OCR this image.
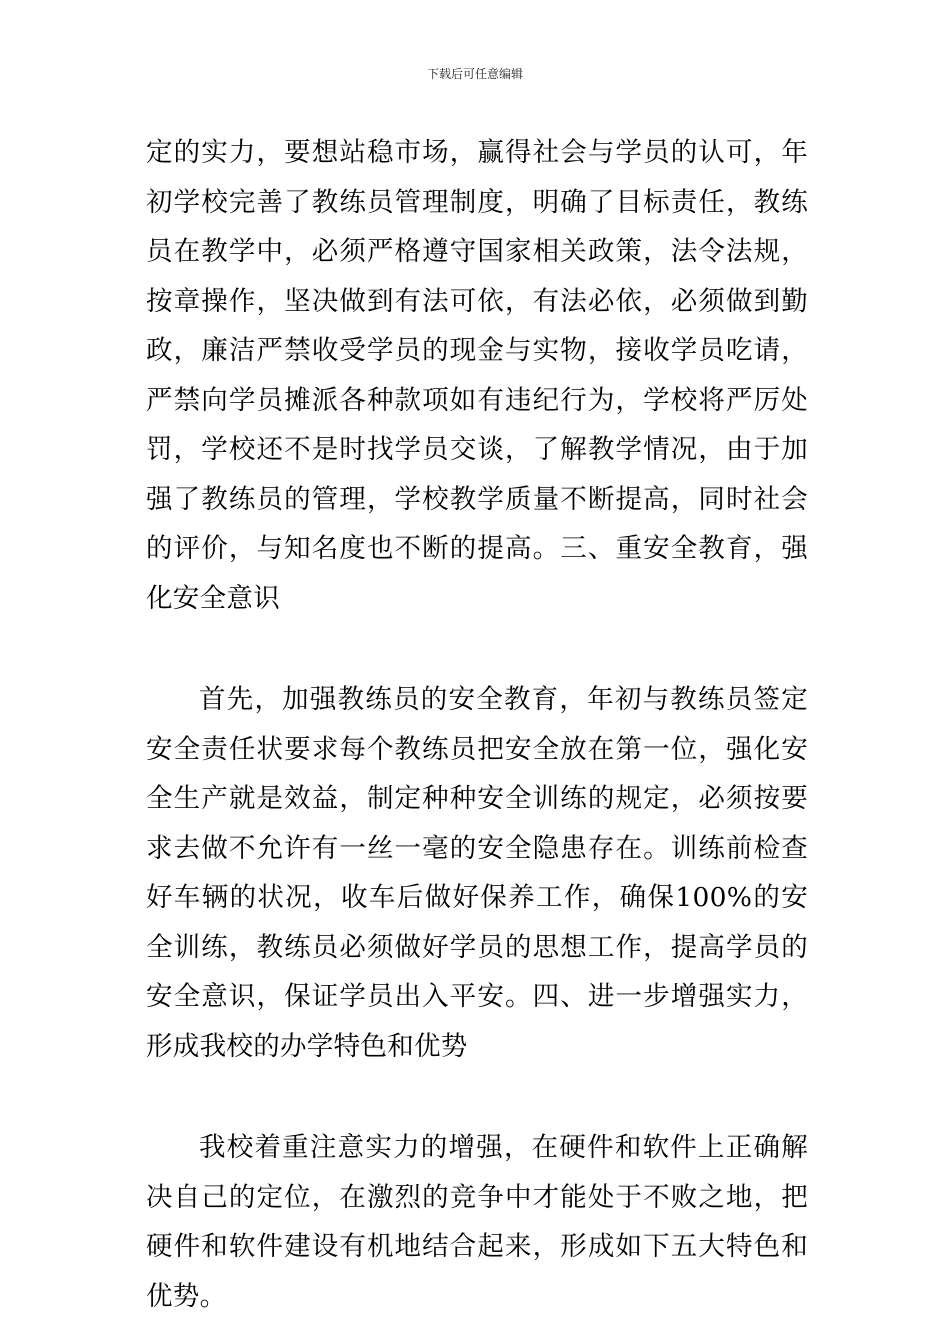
下载后可任意编辑

定的实力，要想站稳市场，赢得社会与学员的认可，年初学校完善了教练员管理制度，明确了目标责任，教练员在教学中，必须严格遵守国家相关政策，法令法规，按章操作，坚决做到有法可依，有法必依，必须做到勤政，廉洁严禁收受学员的现金与实物，接收学员吃请，严禁向学员摊派各种款项如有违纪行为，学校将严厉处罚，学校还不是时找学员交谈，了解教学情况，由于加强了教练员的管理，学校教学质量不断提高，同时社会的评价，与知名度也不断的提高。三、重安全教育，强化安全意识

首先，加强教练员的安全教育，年初与教练员签定安全责任状要求每个教练员把安全放在第一位，强化安全生产就是效益，制定种种安全训练的规定，必须按要求去做不允许有一丝一毫的安全隐患存在。训练前检查好车辆的状况，收车后做好保养工作，确保100%的安全训练，教练员必须做好学员的思想工作，提高学员的安全意识，保证学员出入平安。四、进一步增强实力，形成我校的办学特色和优势

我校着重注意实力的增强，在硬件和软件上正确解决自己的定位，在激烈的竞争中才能处于不败之地，把硬件和软件建设有机地结合起来，形成如下五大特色和优势。
